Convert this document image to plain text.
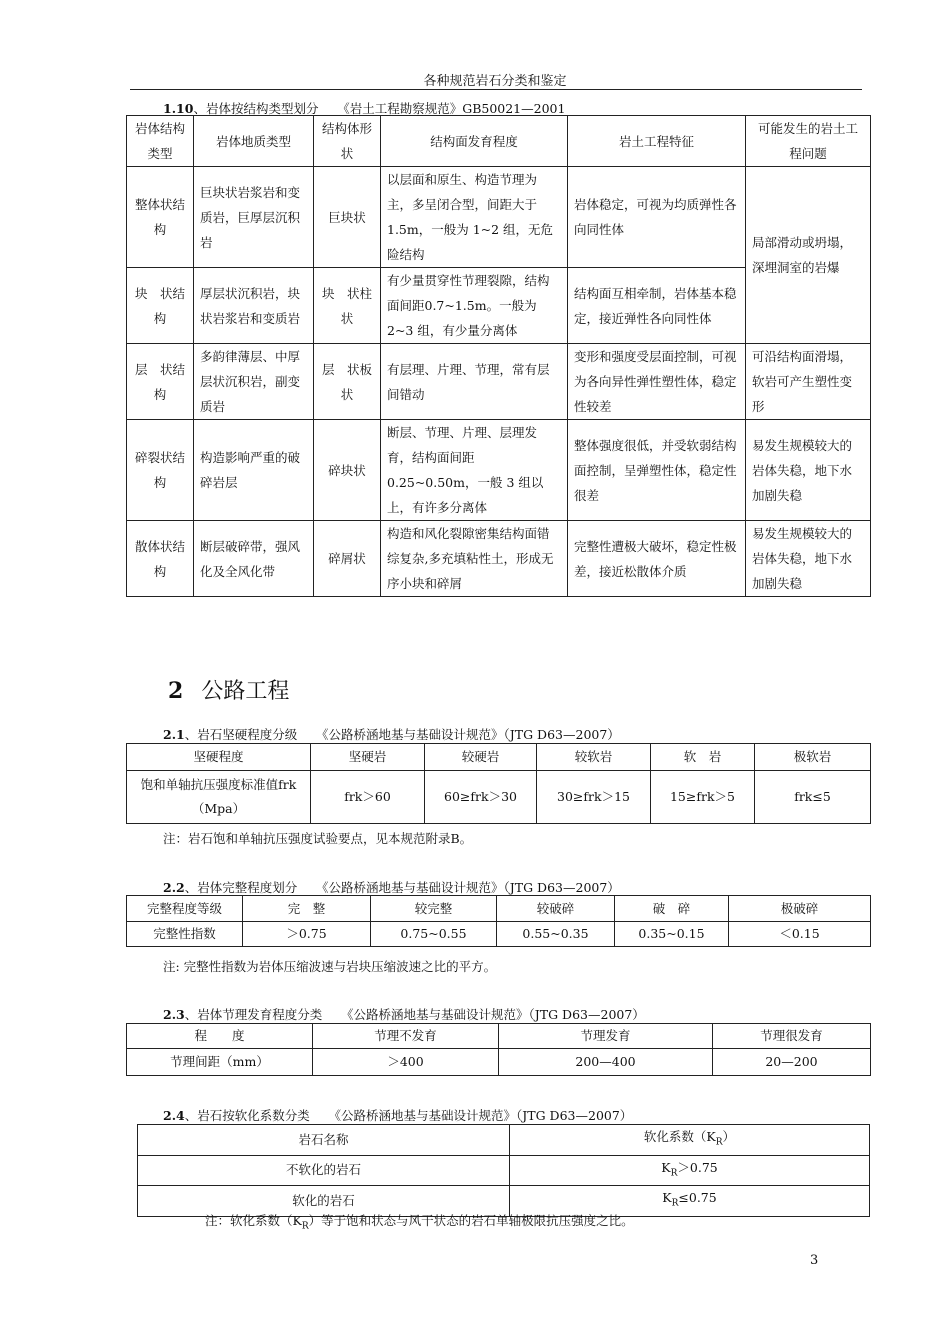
各种规范岩石分类和鉴定
1.10、岩体按结构类型划分　　《岩土工程勘察规范》GB50021—2001
岩体结构类型	岩体地质类型	结构体形　状	结构面发育程度	岩土工程特征	可能发生的岩土工程问题
整体状结　构	巨块状岩浆岩和变质岩，巨厚层沉积岩	巨块状	以层面和原生、构造节理为主，多呈闭合型，间距大于 1.5m，一般为 1~2 组，无危险结构	岩体稳定，可视为均质弹性各向同性体	局部滑动或坍塌，深埋洞室的岩爆
块　状结　构	厚层状沉积岩，块状岩浆岩和变质岩	块　状柱　状	有少量贯穿性节理裂隙，结构面间距0.7~1.5m。一般为 2~3 组，有少量分离体	结构面互相牵制，岩体基本稳定，接近弹性各向同性体	
层　状结　构	多韵律薄层、中厚层状沉积岩，副变质岩	层　状板　状	有层理、片理、节理，常有层间错动	变形和强度受层面控制，可视为各向异性弹性塑性体，稳定性较差	可沿结构面滑塌，软岩可产生塑性变形
碎裂状结　构	构造影响严重的破碎岩层	碎块状	断层、节理、片理、层理发育，结构面间距 0.25~0.50m，一般 3 组以上，有许多分离体	整体强度很低，并受软弱结构面控制，呈弹塑性体，稳定性很差	易发生规模较大的岩体失稳，地下水加剧失稳
散体状结　构	断层破碎带，强风化及全风化带	碎屑状	构造和风化裂隙密集结构面错综复杂,多充填粘性土，形成无序小块和碎屑	完整性遭极大破坏，稳定性极差，接近松散体介质	易发生规模较大的岩体失稳，地下水加剧失稳
2 公路工程
2.1、岩石坚硬程度分级　　《公路桥涵地基与基础设计规范》（JTG D63—2007）
坚硬程度	坚硬岩	较硬岩	较软岩	软　岩	极软岩
饱和单轴抗压强度标准值frk（Mpa）	frk＞60	60≥frk＞30	30≥frk＞15	15≥frk＞5	frk≤5
注：岩石饱和单轴抗压强度试验要点，见本规范附录B。
2.2、岩体完整程度划分　　《公路桥涵地基与基础设计规范》（JTG D63—2007）
完整程度等级	完　整	较完整	较破碎	破　碎	极破碎
完整性指数	＞0.75	0.75~0.55	0.55~0.35	0.35~0.15	＜0.15
注: 完整性指数为岩体压缩波速与岩块压缩波速之比的平方。
2.3、岩体节理发育程度分类　　《公路桥涵地基与基础设计规范》（JTG D63—2007）
程　　度	节理不发育	节理发育	节理很发育
节理间距（mm）	＞400	200—400	20—200
2.4、岩石按软化系数分类　　《公路桥涵地基与基础设计规范》（JTG D63—2007）
岩石名称	软化系数$(K_R)$
不软化的岩石	$K_R>0.75$
软化的岩石	$K_R\le 0.75$
注：软化系数$(K_R)$等于饱和状态与风干状态的岩石单轴极限抗压强度之比。
3
